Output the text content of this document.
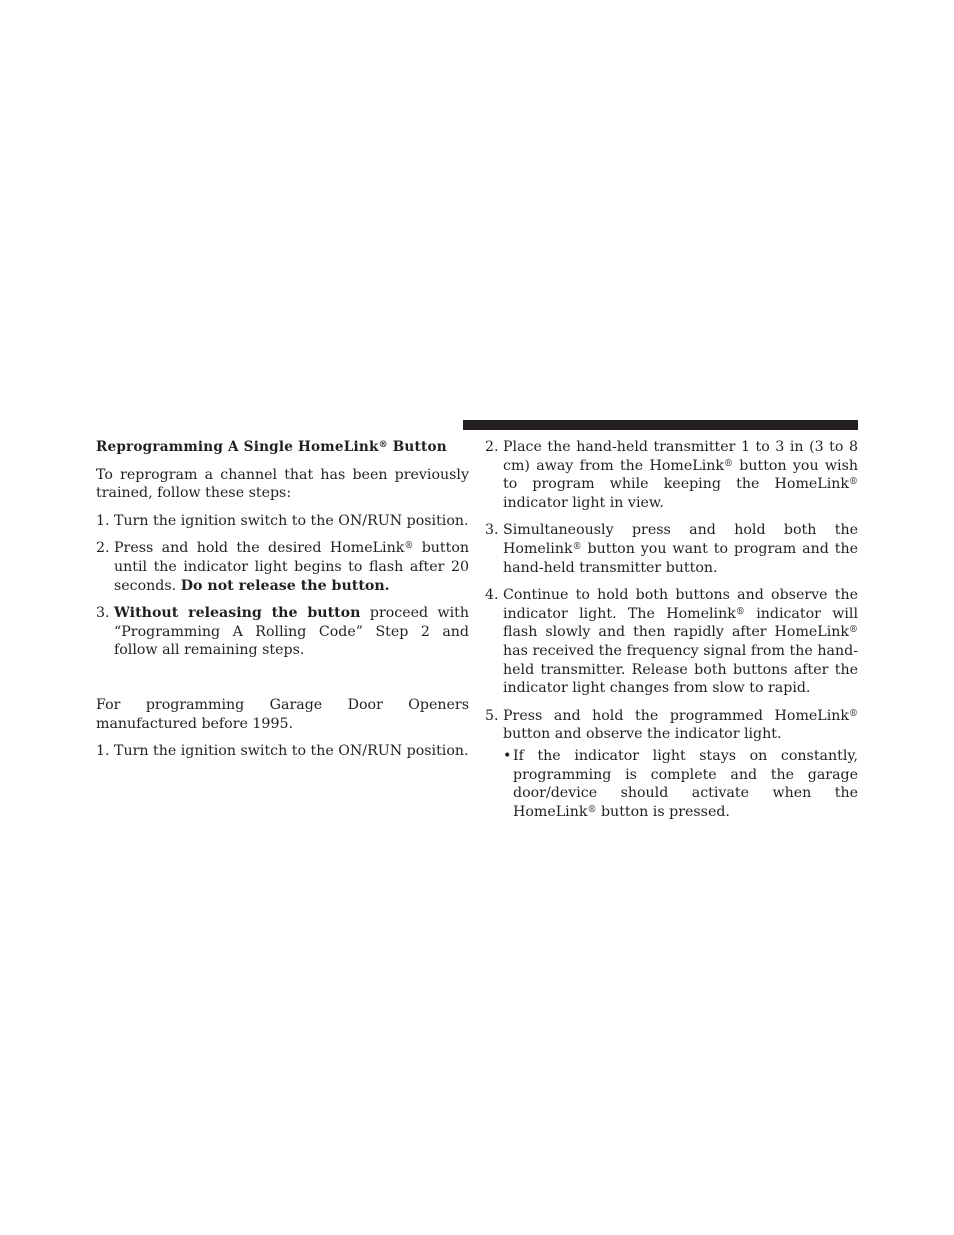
Reprogramming A Single HomeLink® Button

To reprogram a channel that has been previously trained, follow these steps:

1. Turn the ignition switch to the ON/RUN position.
2. Press and hold the desired HomeLink® button until the indicator light begins to flash after 20 seconds. Do not release the button.
3. Without releasing the button proceed with “Programming A Rolling Code” Step 2 and follow all remaining steps.

For programming Garage Door Openers manufactured before 1995.

1. Turn the ignition switch to the ON/RUN position.
2. Place the hand-held transmitter 1 to 3 in (3 to 8 cm) away from the HomeLink® button you wish to program while keeping the HomeLink® indicator light in view.
3. Simultaneously press and hold both the Homelink® button you want to program and the hand-held transmitter button.
4. Continue to hold both buttons and observe the indicator light. The Homelink® indicator will flash slowly and then rapidly after HomeLink® has received the frequency signal from the hand-held transmitter. Release both buttons after the indicator light changes from slow to rapid.
5. Press and hold the programmed HomeLink® button and observe the indicator light.
• If the indicator light stays on constantly, programming is complete and the garage door/device should activate when the HomeLink® button is pressed.
